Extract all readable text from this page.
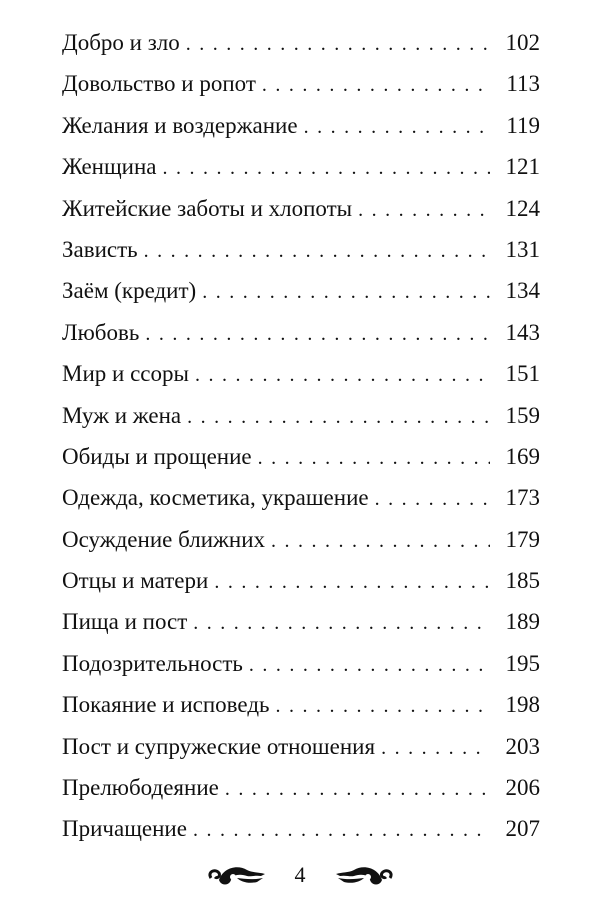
Добро и зло . . .	102
Довольство и ропот . . .	113
Желания и воздержание . . .	119
Женщина . . .	121
Житейские заботы и хлопоты . . .	124
Зависть . . .	131
Заём (кредит) . . .	134
Любовь . . .	143
Мир и ссоры . . .	151
Муж и жена . . .	159
Обиды и прощение . . .	169
Одежда, косметика, украшение . . .	173
Осуждение ближних . . .	179
Отцы и матери . . .	185
Пища и пост . . .	189
Подозрительность . . .	195
Покаяние и исповедь . . .	198
Пост и супружеские отношения . . .	203
Прелюбодеяние . . .	206
Причащение . . .	207
4
